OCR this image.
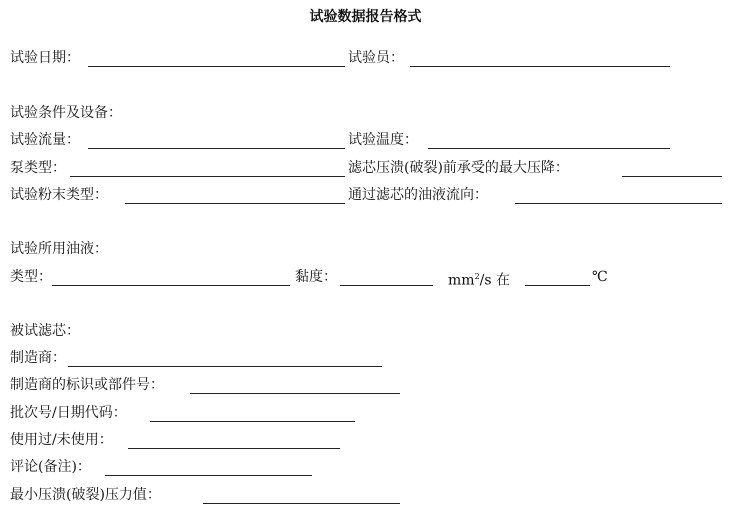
试验数据报告格式
试验日期：	试验员：
试验条件及设备：
试验流量：	试验温度：
泵类型：	滤芯压溃(破裂)前承受的最大压降：
试验粉末类型：	通过滤芯的油液流向：
试验所用油液：
类型：	黏度：	$mm^2/s$ 在	℃
被试滤芯：
制造商：
制造商的标识或部件号：
批次号/日期代码：
使用过/未使用：
评论(备注)：
最小压溃(破裂)压力值：
